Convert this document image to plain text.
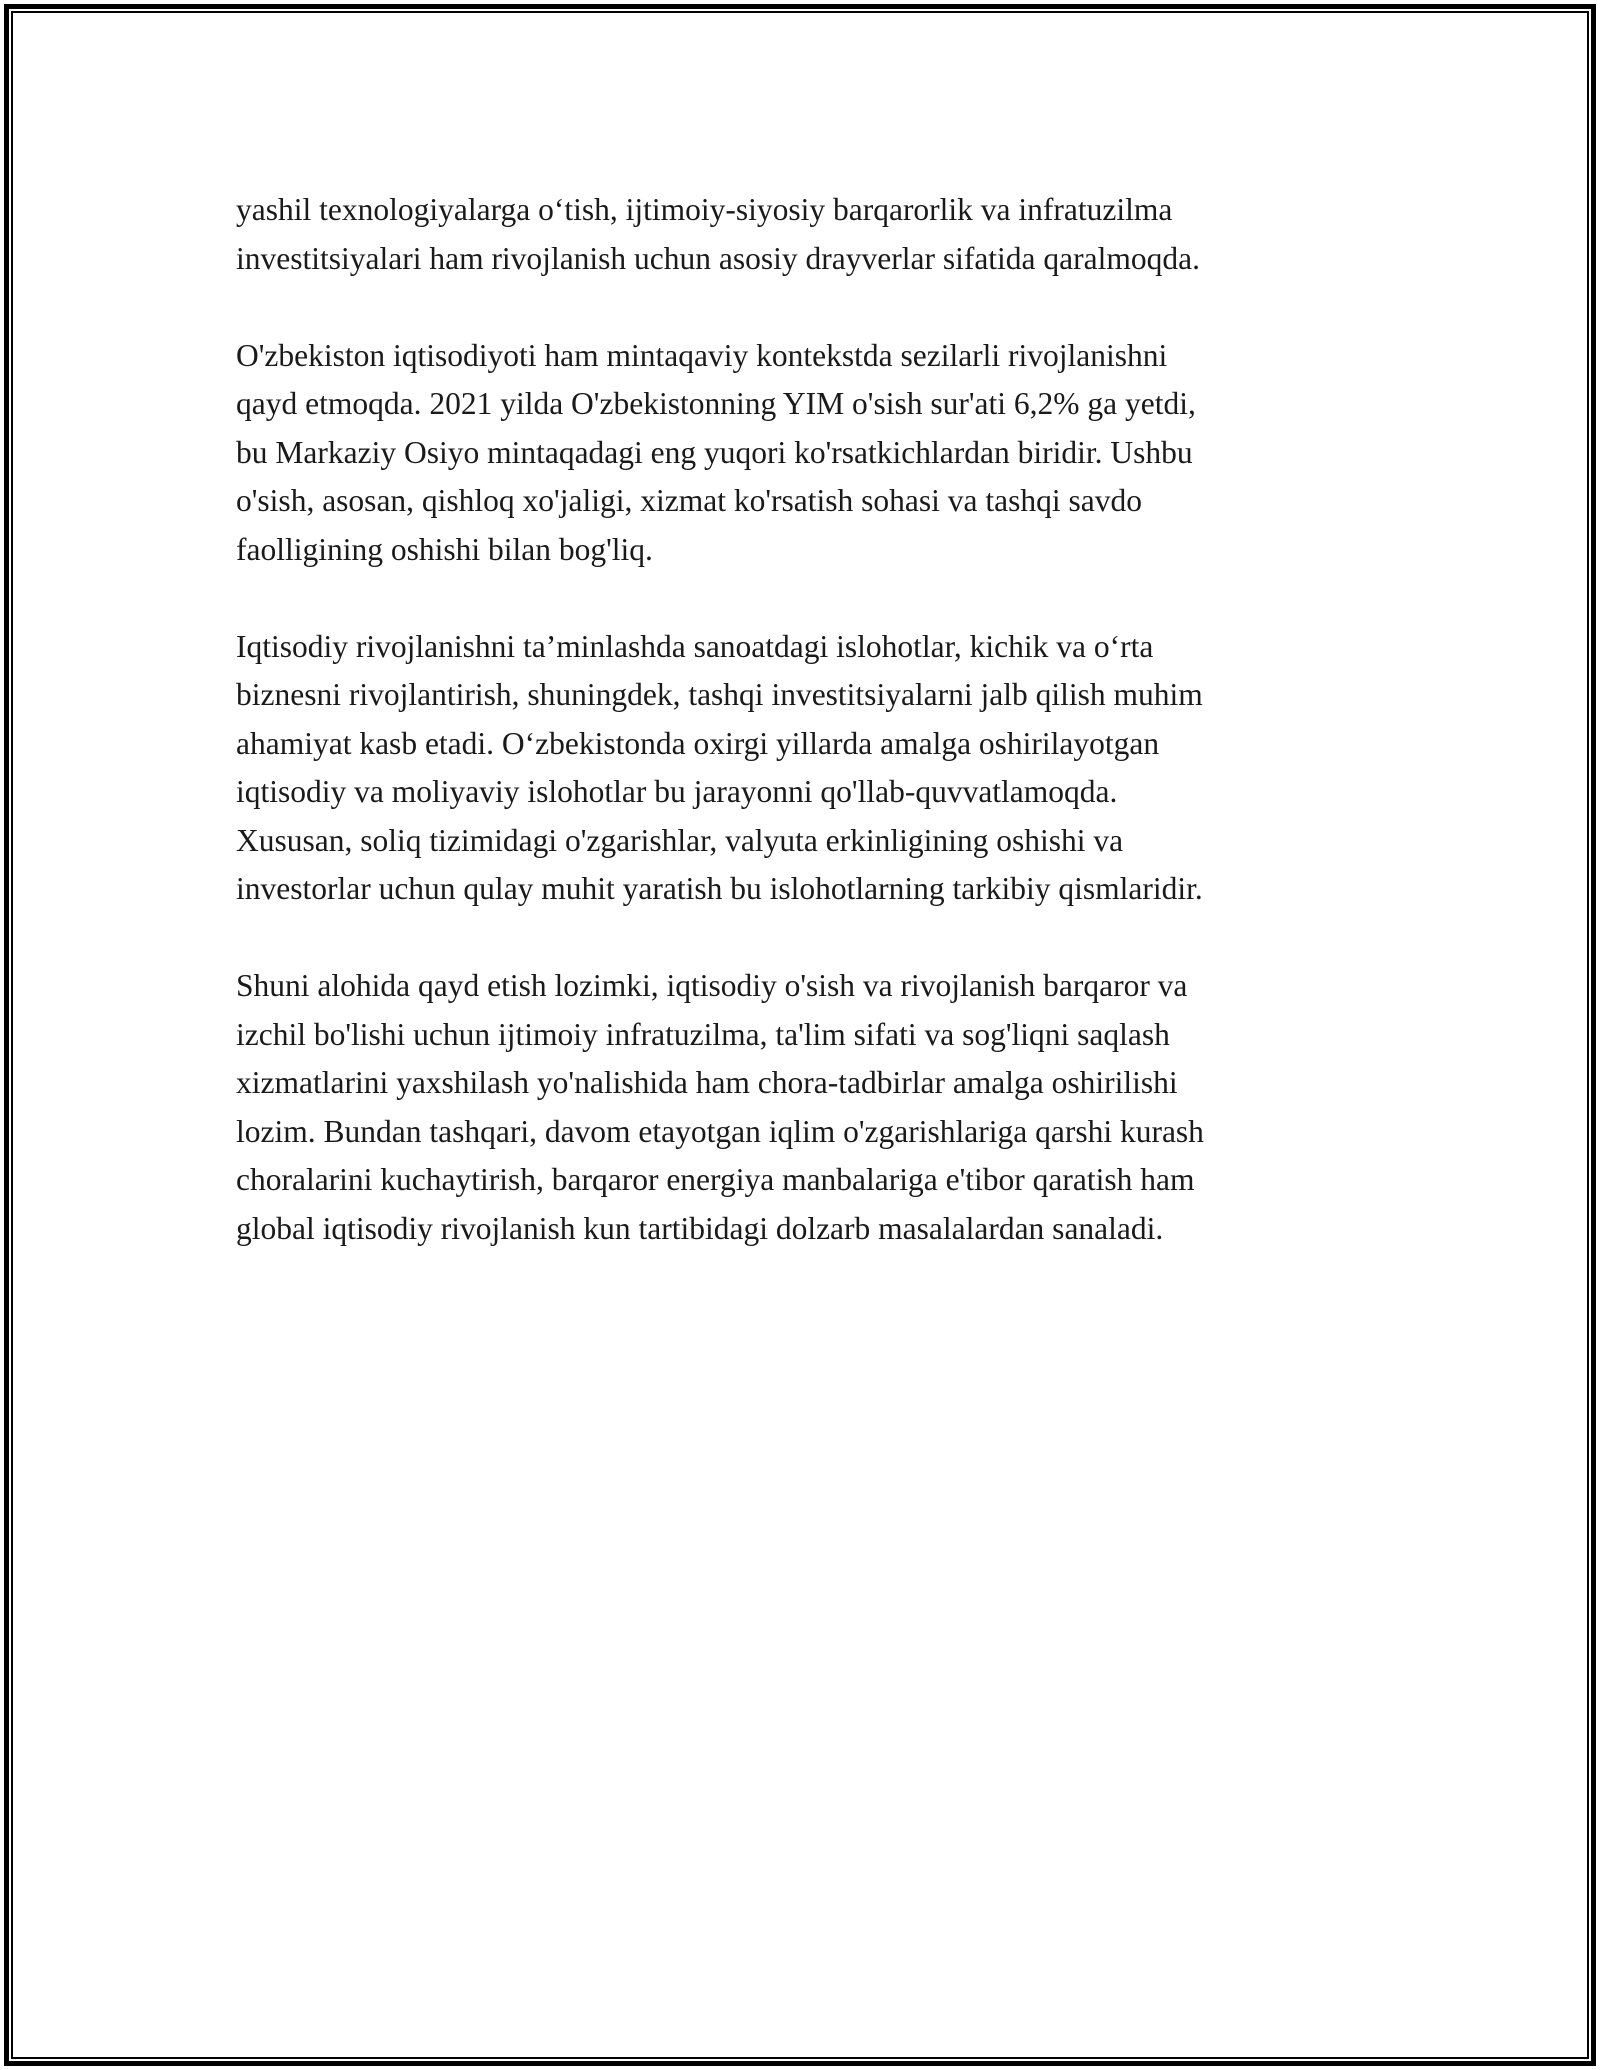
yashil texnologiyalarga o‘tish, ijtimoiy-siyosiy barqarorlik va infratuzilma
investitsiyalari ham rivojlanish uchun asosiy drayverlar sifatida qaralmoqda.

O'zbekiston iqtisodiyoti ham mintaqaviy kontekstda sezilarli rivojlanishni
qayd etmoqda. 2021 yilda O'zbekistonning YIM o'sish sur'ati 6,2% ga yetdi,
bu Markaziy Osiyo mintaqadagi eng yuqori ko'rsatkichlardan biridir. Ushbu
o'sish, asosan, qishloq xo'jaligi, xizmat ko'rsatish sohasi va tashqi savdo
faolligining oshishi bilan bog'liq.

Iqtisodiy rivojlanishni ta’minlashda sanoatdagi islohotlar, kichik va o‘rta
biznesni rivojlantirish, shuningdek, tashqi investitsiyalarni jalb qilish muhim
ahamiyat kasb etadi. O‘zbekistonda oxirgi yillarda amalga oshirilayotgan
iqtisodiy va moliyaviy islohotlar bu jarayonni qo'llab-quvvatlamoqda.
Xususan, soliq tizimidagi o'zgarishlar, valyuta erkinligining oshishi va
investorlar uchun qulay muhit yaratish bu islohotlarning tarkibiy qismlaridir.

Shuni alohida qayd etish lozimki, iqtisodiy o'sish va rivojlanish barqaror va
izchil bo'lishi uchun ijtimoiy infratuzilma, ta'lim sifati va sog'liqni saqlash
xizmatlarini yaxshilash yo'nalishida ham chora-tadbirlar amalga oshirilishi
lozim. Bundan tashqari, davom etayotgan iqlim o'zgarishlariga qarshi kurash
choralarini kuchaytirish, barqaror energiya manbalariga e'tibor qaratish ham
global iqtisodiy rivojlanish kun tartibidagi dolzarb masalalardan sanaladi.
